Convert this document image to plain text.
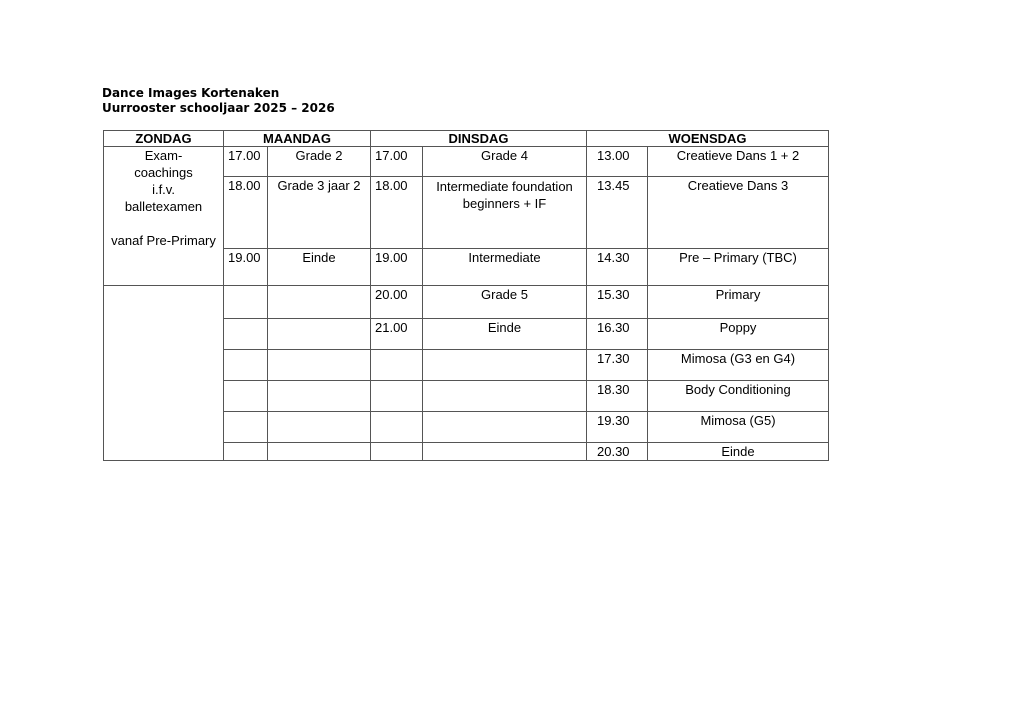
Dance Images Kortenaken
Uurrooster schooljaar 2025 – 2026
ZONDAG	MAANDAG		DINSDAG		WOENSDAG	

Exam-
coachings
i.f.v.
balletexamen
vanaf Pre-Primary	17.00	Grade 2	17.00	Grade 4	13.00	Creatieve Dans 1 + 2
	18.00	Grade 3 jaar 2	18.00	Intermediate foundation beginners + IF	13.45	Creatieve Dans 3
	19.00	Einde	19.00	Intermediate	14.30	Pre – Primary (TBC)
			20.00	Grade 5	15.30	Primary
			21.00	Einde	16.30	Poppy
					17.30	Mimosa (G3 en G4)
					18.30	Body Conditioning
					19.30	Mimosa (G5)
					20.30	Einde
